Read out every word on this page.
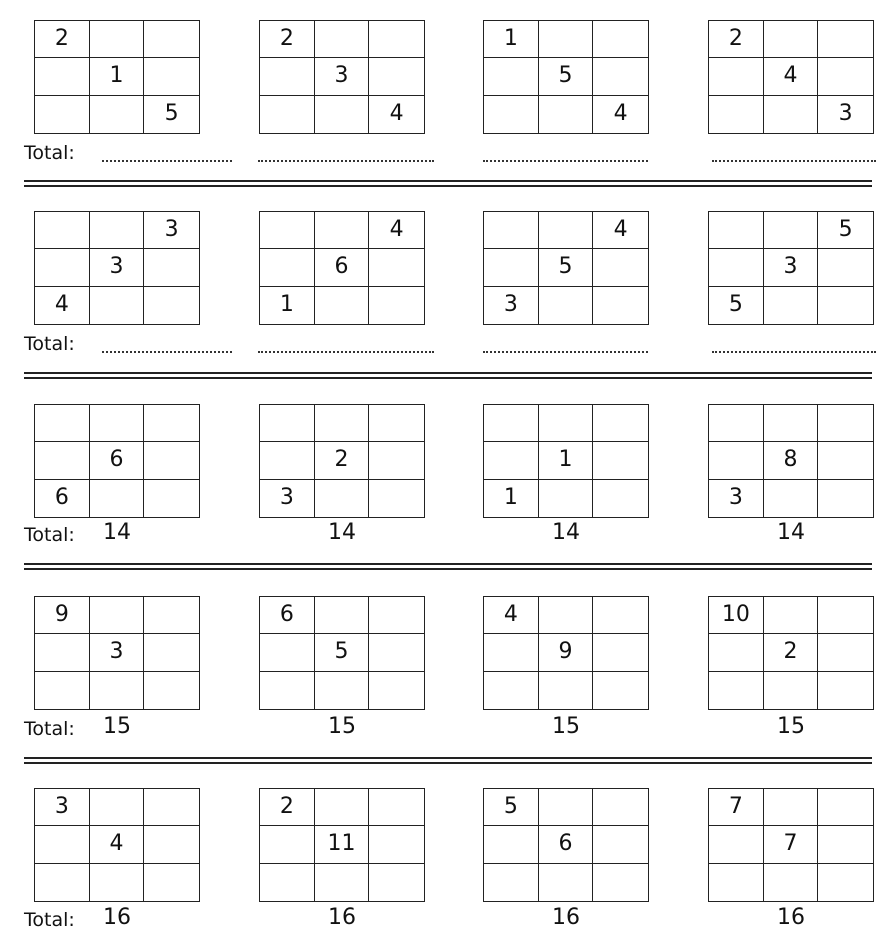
2
1
5
2
3
4
1
5
4
2
4
3
Total:
3
3
4
4
6
1
4
5
3
5
3
5
Total:
6
6
14
2
3
14
1
1
14
8
3
14
Total:
9
3
15
6
5
15
4
9
15
10
2
15
Total:
3
4
16
2
11
16
5
6
16
7
7
16
Total:
